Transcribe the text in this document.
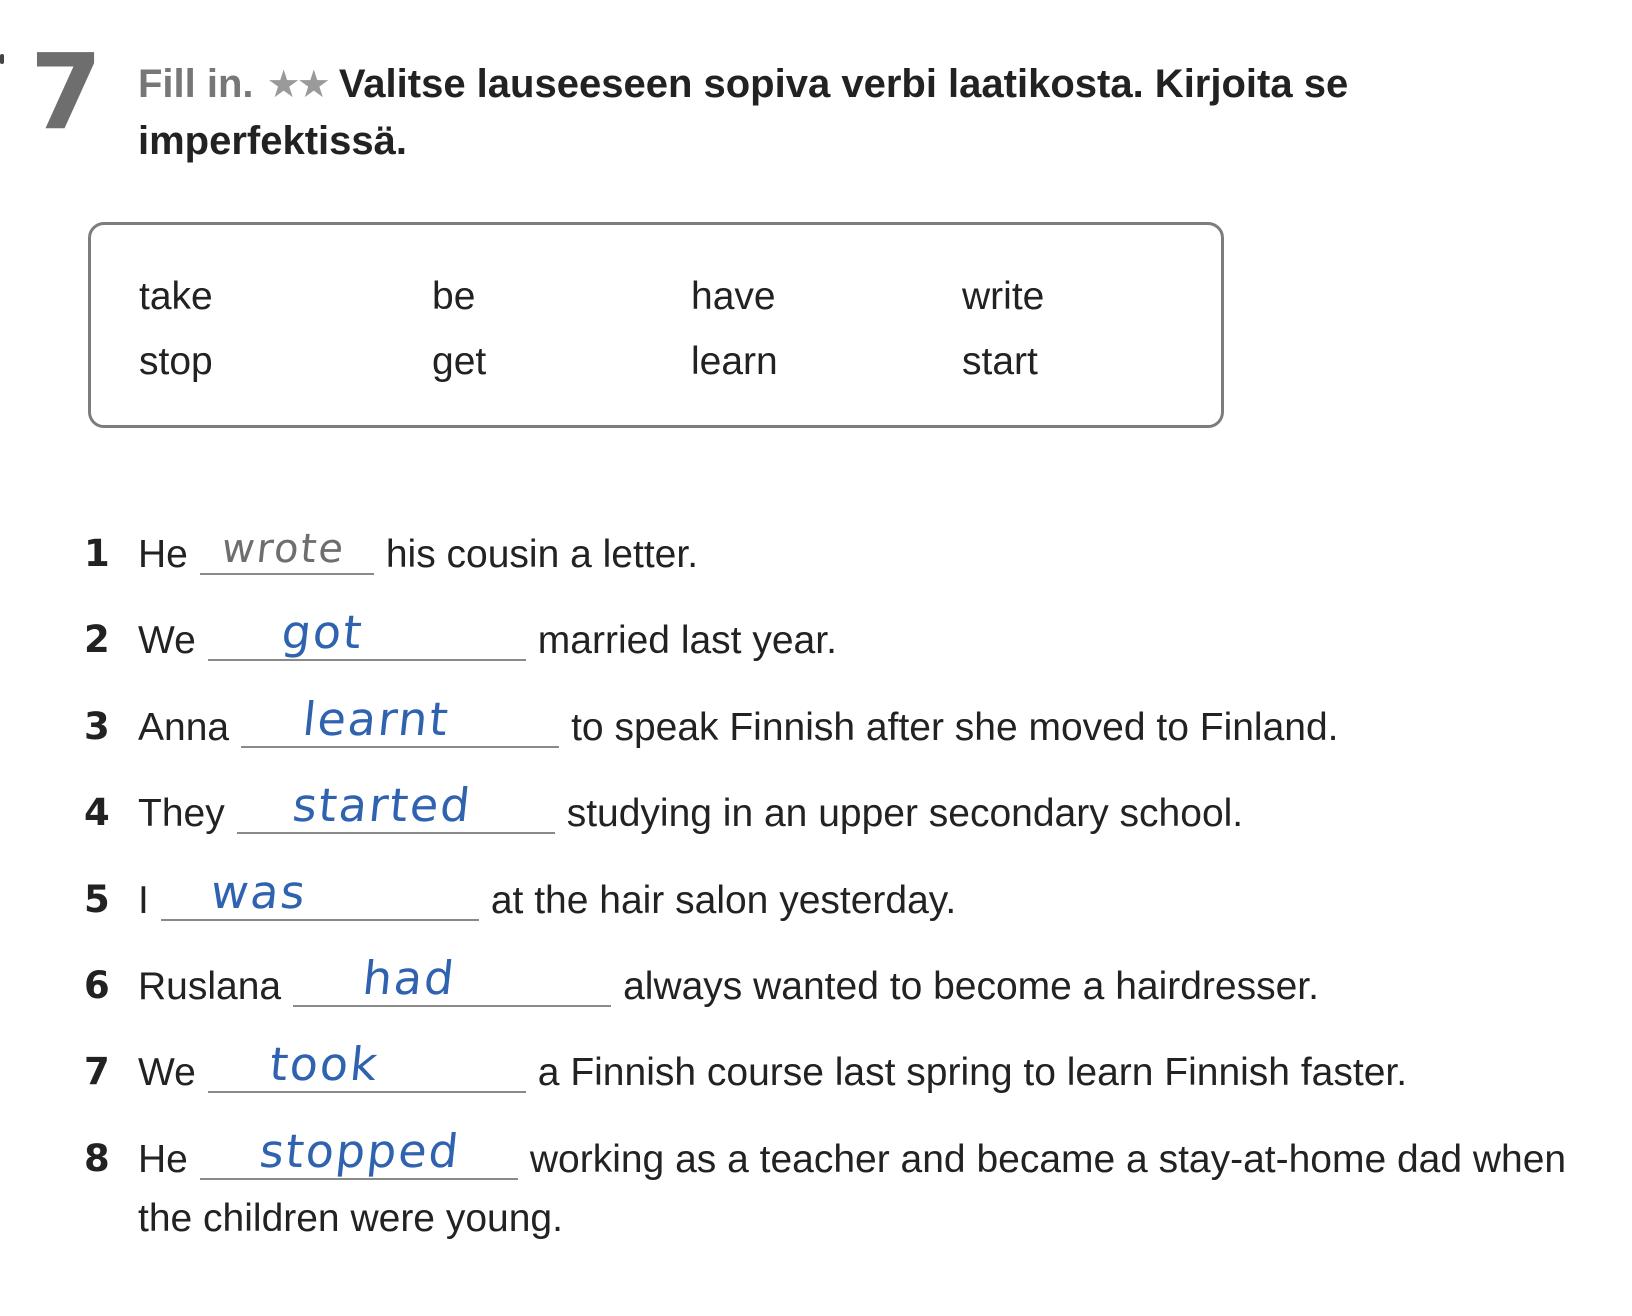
7 Fill in. ★★ Valitse lauseeseen sopiva verbi laatikosta. Kirjoita se imperfektissä.
take	be	have	write
stop	get	learn	start
1 He wrote his cousin a letter.
2 We got	married last year.
3 Anna learnt	to speak Finnish after she moved to Finland.
4 They started studying in an upper secondary school.
5 I was	at the hair salon yesterday.
6 Ruslana had	always wanted to become a hairdresser.
7 We took	a Finnish course last spring to learn Finnish faster.
8 He stopped working as a teacher and became a stay-at-home dad when
the children were young.
